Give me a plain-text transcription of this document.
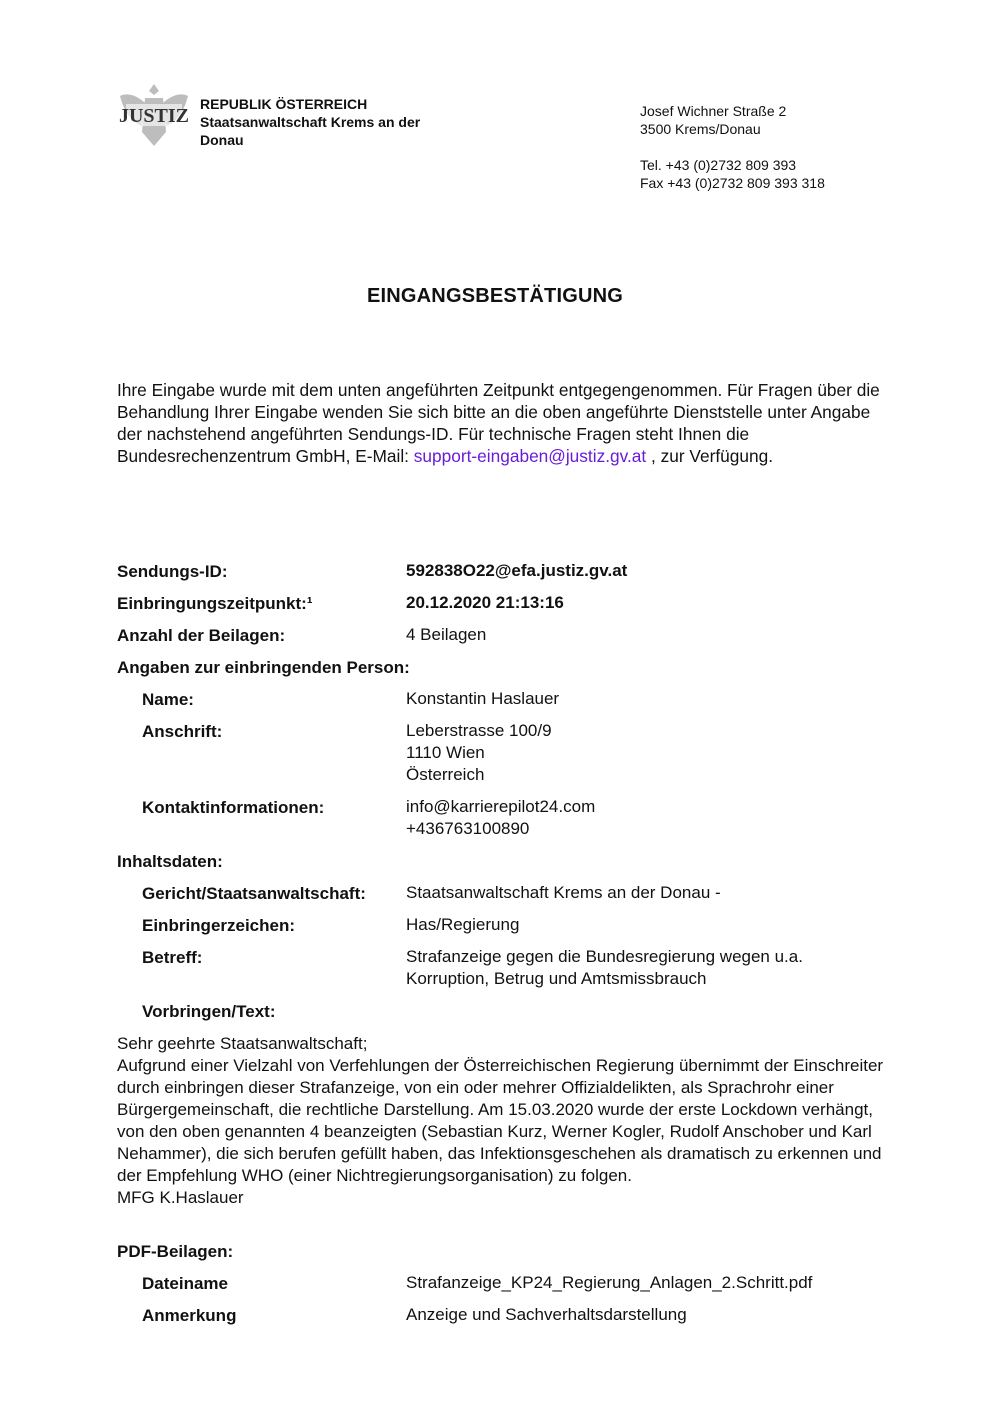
JUSTIZ
REPUBLIK ÖSTERREICH
Staatsanwaltschaft Krems an der Donau
Josef Wichner Straße 2
3500 Krems/Donau
Tel. +43 (0)2732 809 393
Fax +43 (0)2732 809 393 318
EINGANGSBESTÄTIGUNG
Ihre Eingabe wurde mit dem unten angeführten Zeitpunkt entgegengenommen. Für Fragen über die Behandlung Ihrer Eingabe wenden Sie sich bitte an die oben angeführte Dienststelle unter Angabe der nachstehend angeführten Sendungs-ID. Für technische Fragen steht Ihnen die Bundesrechenzentrum GmbH, E-Mail: support-eingaben@justiz.gv.at , zur Verfügung.
Sendungs-ID:	592838O22@efa.justiz.gv.at
Einbringungszeitpunkt:¹	20.12.2020 21:13:16
Anzahl der Beilagen:	4 Beilagen
Angaben zur einbringenden Person:
Name:	Konstantin Haslauer
Anschrift:	Leberstrasse 100/9
1110 Wien
Österreich
Kontaktinformationen:	info@karrierepilot24.com
+436763100890
Inhaltsdaten:
Gericht/Staatsanwaltschaft: Staatsanwaltschaft Krems an der Donau -
Einbringerzeichen:	Has/Regierung
Betreff:	Strafanzeige gegen die Bundesregierung wegen u.a.
Korruption, Betrug und Amtsmissbrauch
Vorbringen/Text:
Sehr geehrte Staatsanwaltschaft;
Aufgrund einer Vielzahl von Verfehlungen der Österreichischen Regierung übernimmt der Einschreiter durch einbringen dieser Strafanzeige, von ein oder mehrer Offizialdelikten, als Sprachrohr einer Bürgergemeinschaft, die rechtliche Darstellung. Am 15.03.2020 wurde der erste Lockdown verhängt, von den oben genannten 4 beanzeigten (Sebastian Kurz, Werner Kogler, Rudolf Anschober und Karl Nehammer), die sich berufen gefüllt haben, das Infektionsgeschehen als dramatisch zu erkennen und der Empfehlung WHO (einer Nichtregierungsorganisation) zu folgen.
MFG K.Haslauer
PDF-Beilagen:
Dateiname	Strafanzeige_KP24_Regierung_Anlagen_2.Schritt.pdf
Anmerkung	Anzeige und Sachverhaltsdarstellung
